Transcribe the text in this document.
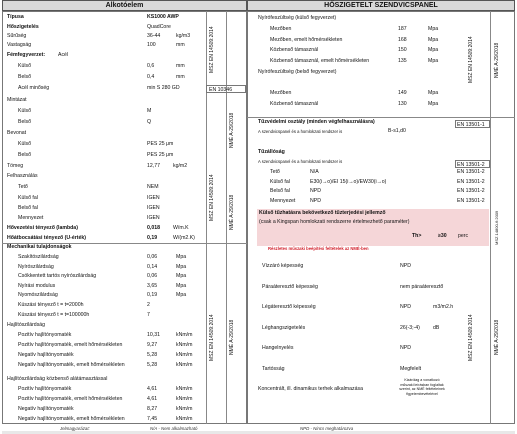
Alkotóelem	HŐSZIGETELT SZENDVICSPANEL
Típusa	KS1000 AWP
Hőszigetelés	QuadCore
Sűrűség	36-44	kg/m3
Vastagság	100	mm
Fémfegyverzet: Acél
Külső	0,6	mm
Belső	0,4	mm
Acél minőség	min S 280 GD	EN 10346
Mintázat
Külső	M
Belső	Q
Bevonat
Külső	PES 25 μm
Belső	PES 25 μm
Tömeg	12,77	kg/m2
Felhasználás
Tető	NEM
Külső fal	IGEN
Belső fal	IGEN
Mennyezet	IGEN
Hővezetési tényező (lambda)	0,018	W/m.K
Hőátbocsátási tényező (U-érték)	0,19	W/(m2.K)
Mechanikai tulajdonságok
Szakítószilárdság	0,06	Mpa
Nyírószilárdság	0,14	Mpa
Csökkentett tartós nyírószilárdság	0,06	Mpa
Nyírási modulus	3,65	Mpa
Nyomószilárdság	0,19	Mpa
Kúszási tényező t = t=2000h	2
Kúszási tényező t = t=100000h	7
Hajlítószilárdság
Pozitív hajlítónyomaték	10,31	kNm/m
Pozitív hajlítónyomaték, emelt hőmérsékleten	9,27	kNm/m
Negatív hajlítónyomaték	5,28	kNm/m
Negatív hajlítónyomaték, emelt hőmérsékleten	5,28	kNm/m
Hajlítószilárdság közbenső alátámasztással
Pozitív hajlítónyomaték	4,61	kNm/m
Pozitív hajlítónyomaték, emelt hőmérsékleten	4,61	kNm/m
Negatív hajlítónyomaték	8,27	kNm/m
Negatív hajlítónyomaték, emelt hőmérsékleten	7,45	kNm/m
MSZ EN 14509:2014
NMÉ A-29/2018
MSZ EN 14509:2014
MSZ EN 14509:2014	NMÉ A-29/2018
NMÉ A-29/2018
Nyírófeszültség (külső fegyverzet)
Mezőben	187	Mpa
Mezőben, emelt hőmérsékleten	168	Mpa
Közbenső támasznál	150	Mpa
Közbenső támasznál, emelt hőmérsékleten	135	Mpa
Nyírófeszültség (belső fegyverzet)
Mezőben	149	Mpa
Közbenső támasznál	130	Mpa
MSZ EN 14509:2014	NMÉ A-29/2018
Tűzvédelmi osztály (minden végfelhasználásra)
A szendvicspanel és a homlokzati rendszer is	B-s1,d0
EN 13501-1
Tűzállóság
A szendvicspanel és a homlokzati rendszer is
EN 13501-2
Tető	N/A	EN 13501-2
Külső fal	E30(i→o)/EI 15(i→o)/EW30(i→o)	EN 13501-2
Belső fal	NPD	EN 13501-2
Mennyezet	NPD	EN 13501-2
Külső tűzhatásra bekövetkező tűzterjedési jellemző
(csak a Kingspan homlokzati rendszerre értelmezhető paraméter)
Th>	≥30 perc	MSZ 14800-6:2009
Részletes műszaki beépítési feltételek az NMÉ-ben
Vízzáró képesség	NPD
Páraáteresztő képesség	nem páraáteresztő
Légáteresztő képesség	NPD	m3/m2.h
Léghangszigetelés	26(-3;-4)	dB
Hangelnyelés	NPD
Tartósság	Megfelelt
Koncentrált, ill. dinamikus terhek alkalmazása
Kizárólag a vonatkozó műszaki leírásban foglaltak szerint, az NMÉ feltételeinek figyelembevételével
MSZ EN 14509:2014	NMÉ A-29/2018
Jelmagyarázat:	N/A - Nem alkalmazható	NPD - Nincs meghatározva
